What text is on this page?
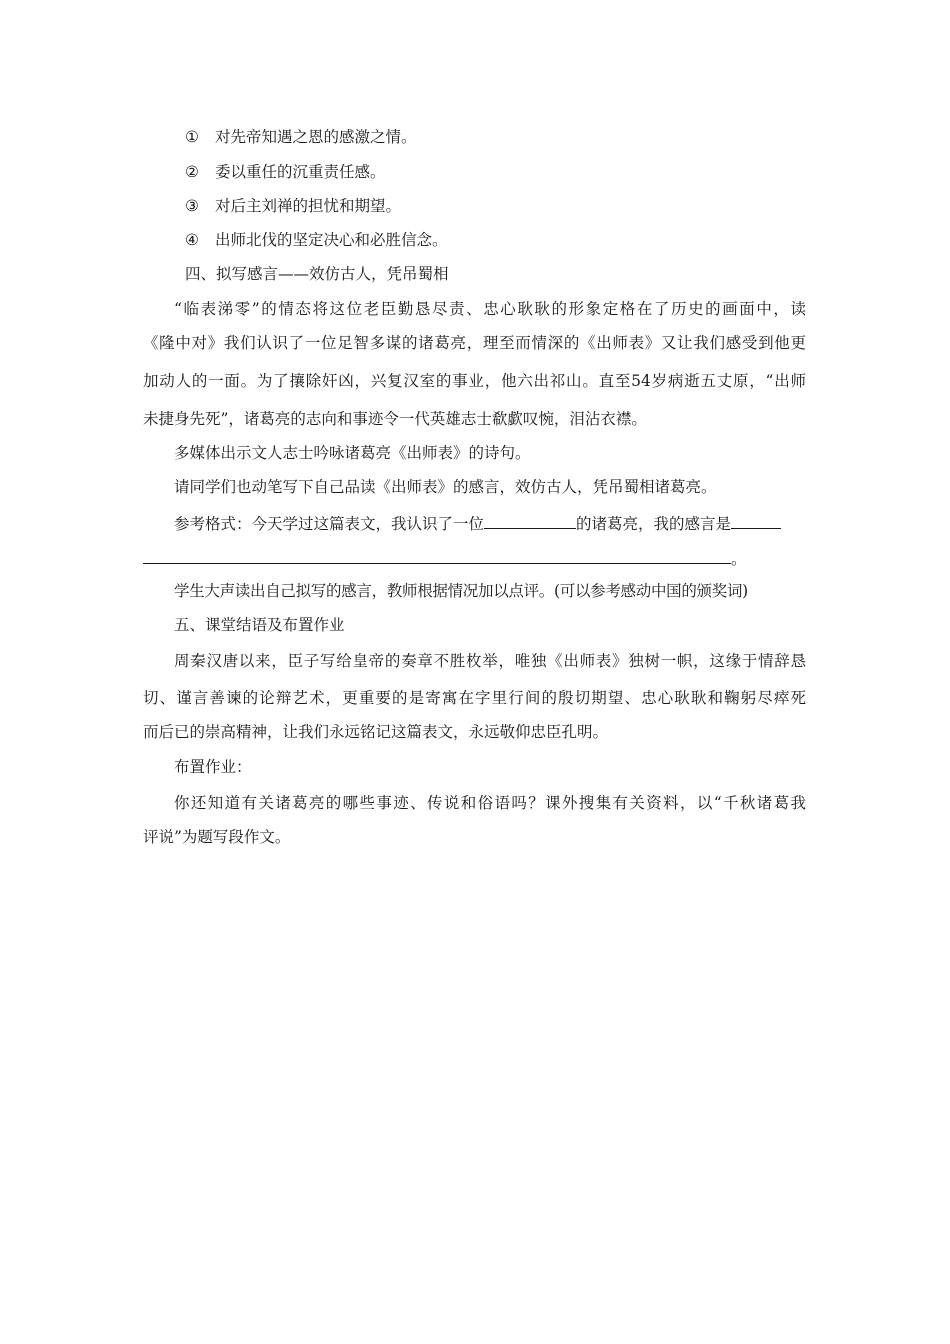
① 对先帝知遇之恩的感激之情。
② 委以重任的沉重责任感。
③ 对后主刘禅的担忧和期望。
④ 出师北伐的坚定决心和必胜信念。
四、拟写感言——效仿古人，凭吊蜀相
“临表涕零”的情态将这位老臣勤恳尽责、忠心耿耿的形象定格在了历史的画面中，读
《隆中对》我们认识了一位足智多谋的诸葛亮，理至而情深的《出师表》又让我们感受到他更
加动人的一面。为了攘除奸凶，兴复汉室的事业，他六出祁山。直至54岁病逝五丈原，“出师
未捷身先死”，诸葛亮的志向和事迹令一代英雄志士欷歔叹惋，泪沾衣襟。
多媒体出示文人志士吟咏诸葛亮《出师表》的诗句。
请同学们也动笔写下自己品读《出师表》的感言，效仿古人，凭吊蜀相诸葛亮。
参考格式：今天学过这篇表文，我认识了一位	的诸葛亮，我的感言是
。
学生大声读出自己拟写的感言，教师根据情况加以点评。(可以参考感动中国的颁奖词)
五、课堂结语及布置作业
周秦汉唐以来，臣子写给皇帝的奏章不胜枚举，唯独《出师表》独树一帜，这缘于情辞恳
切、谨言善谏的论辩艺术，更重要的是寄寓在字里行间的殷切期望、忠心耿耿和鞠躬尽瘁死
而后已的崇高精神，让我们永远铭记这篇表文，永远敬仰忠臣孔明。
布置作业：
你还知道有关诸葛亮的哪些事迹、传说和俗语吗？课外搜集有关资料，以“千秋诸葛我
评说”为题写段作文。
